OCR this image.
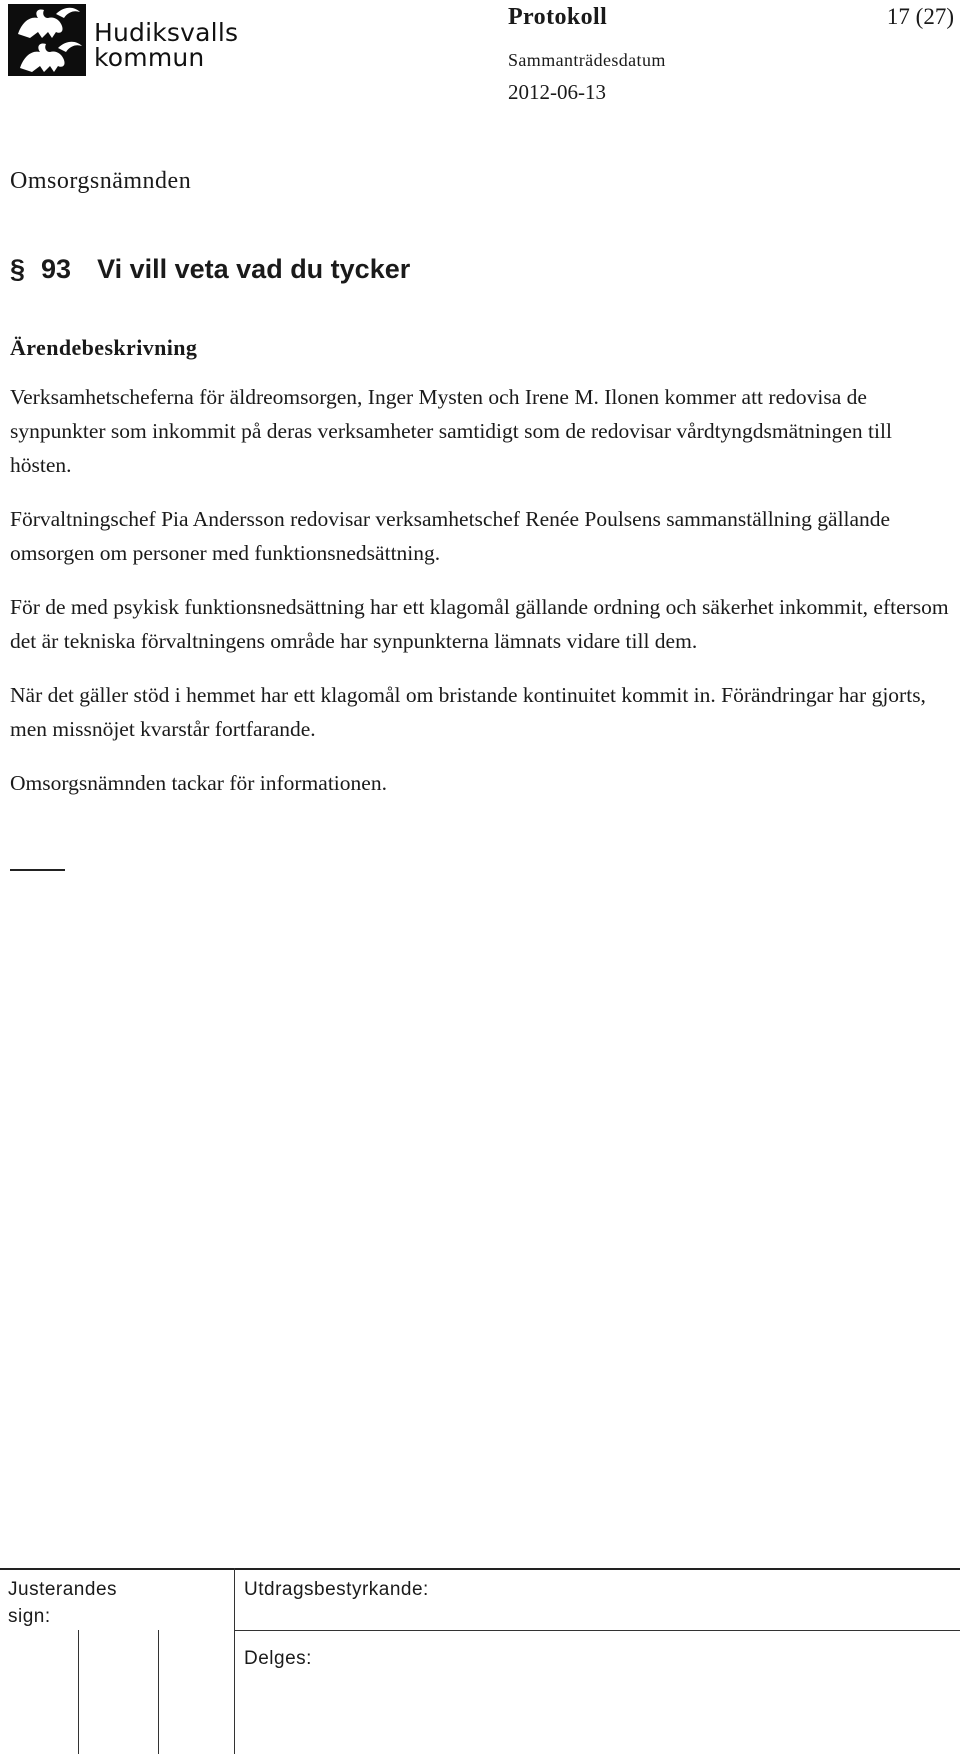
Hudiksvalls
kommun
Protokoll	17 (27)
Sammanträdesdatum
2012-06-13
Omsorgsnämnden
§ 93 Vi vill veta vad du tycker
Ärendebeskrivning

Verksamhetscheferna för äldreomsorgen, Inger Mysten och Irene M. Ilonen kommer att redovisa de synpunkter som inkommit på deras verksamheter samtidigt som de redovisar vårdtyngdsmätningen till hösten.

Förvaltningschef Pia Andersson redovisar verksamhetschef Renée Poulsens sammanställning gällande omsorgen om personer med funktionsnedsättning.

För de med psykisk funktionsnedsättning har ett klagomål gällande ordning och säkerhet inkommit, eftersom det är tekniska förvaltningens område har synpunkterna lämnats vidare till dem.

När det gäller stöd i hemmet har ett klagomål om bristande kontinuitet kommit in. Förändringar har gjorts, men missnöjet kvarstår fortfarande.

Omsorgsnämnden tackar för informationen.

Justerandes
sign:
Utdragsbestyrkande:
Delges:
